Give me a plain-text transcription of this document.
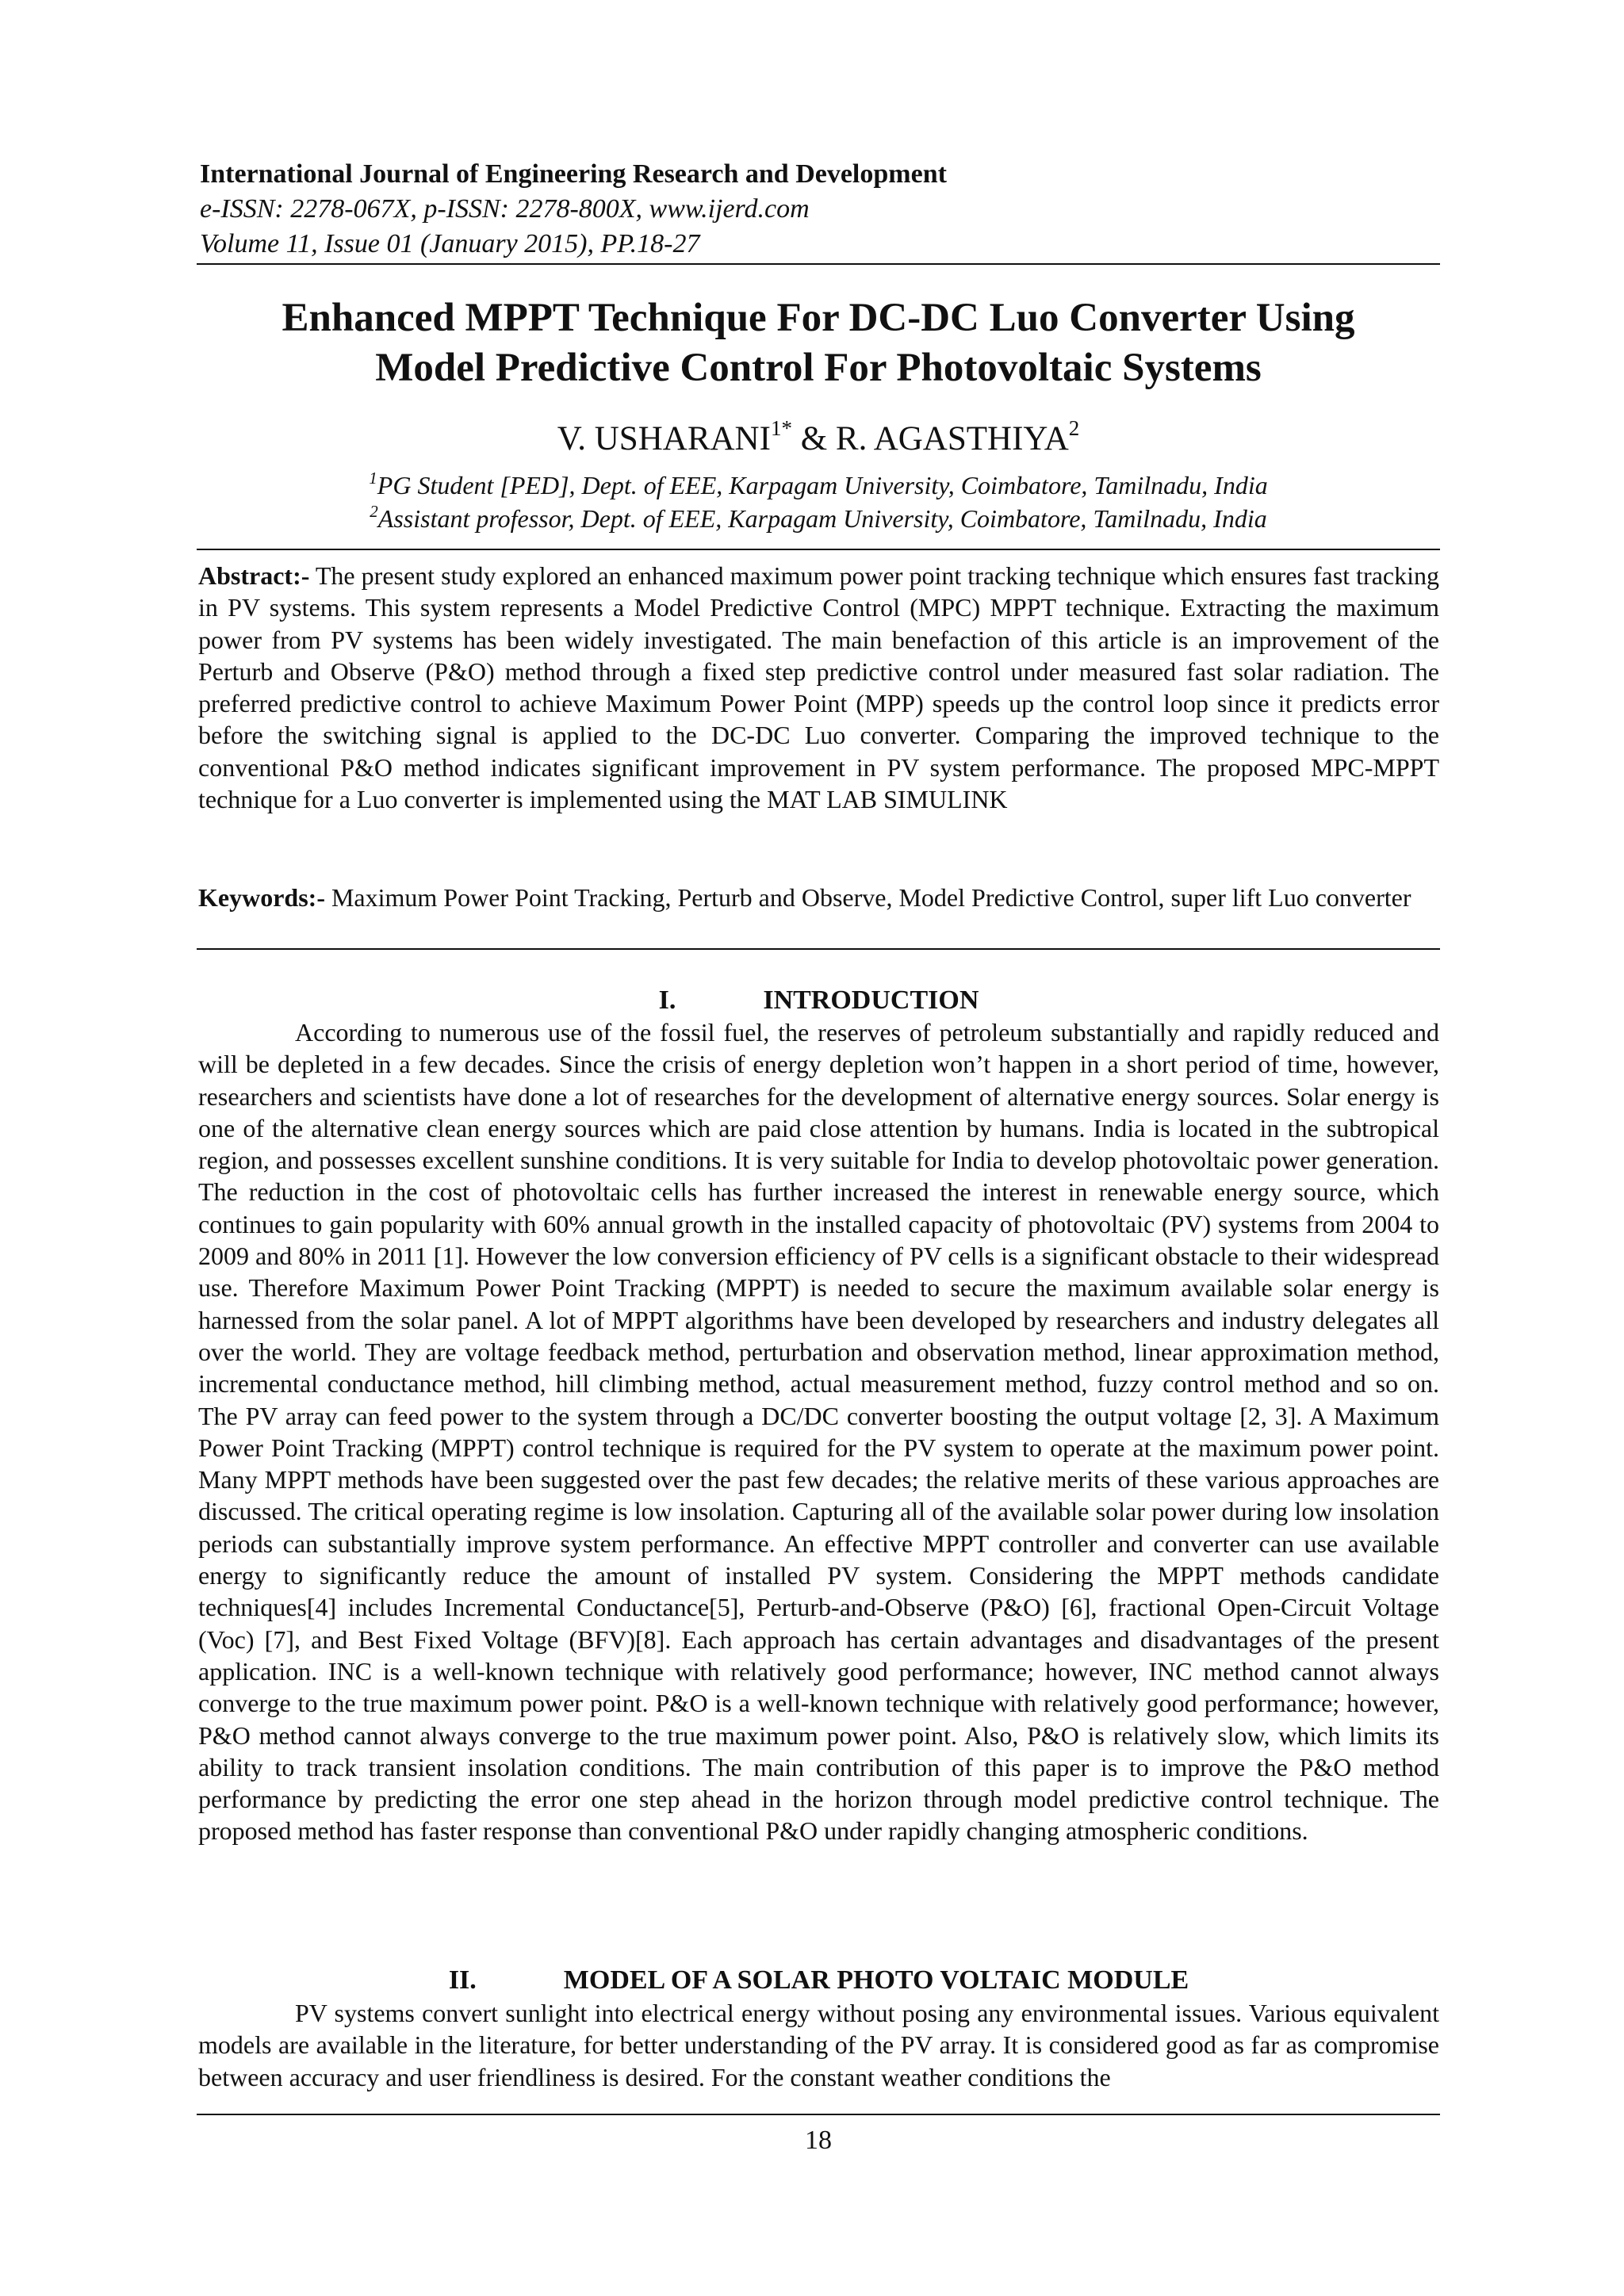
International Journal of Engineering Research and Development
e-ISSN: 2278-067X, p-ISSN: 2278-800X, www.ijerd.com
Volume 11, Issue 01 (January 2015), PP.18-27
Enhanced MPPT Technique For DC-DC Luo Converter Using
Model Predictive Control For Photovoltaic Systems
V. $USHARANI^{1*}$ & R. AGASTHIYA$^2$
$^1$PG Student [PED], Dept. of EEE, Karpagam University, Coimbatore, Tamilnadu, India
$^2$Assistant professor, Dept. of EEE, Karpagam University, Coimbatore, Tamilnadu, India
Abstract:- The present study explored an enhanced maximum power point tracking technique which ensures fast tracking in PV systems. This system represents a Model Predictive Control (MPC) MPPT technique. Extracting the maximum power from PV systems has been widely investigated. The main benefaction of this article is an improvement of the Perturb and Observe (P&O) method through a fixed step predictive control under measured fast solar radiation. The preferred predictive control to achieve Maximum Power Point (MPP) speeds up the control loop since it predicts error before the switching signal is applied to the DC-DC Luo converter. Comparing the improved technique to the conventional P&O method indicates significant improvement in PV system performance. The proposed MPC-MPPT technique for a Luo converter is implemented using the MAT LAB SIMULINK
Keywords:- Maximum Power Point Tracking, Perturb and Observe, Model Predictive Control, super lift Luo converter
I.	INTRODUCTION
According to numerous use of the fossil fuel, the reserves of petroleum substantially and rapidly reduced and will be depleted in a few decades. Since the crisis of energy depletion won’t happen in a short period of time, however, researchers and scientists have done a lot of researches for the development of alternative energy sources. Solar energy is one of the alternative clean energy sources which are paid close attention by humans. India is located in the subtropical region, and possesses excellent sunshine conditions. It is very suitable for India to develop photovoltaic power generation. The reduction in the cost of photovoltaic cells has further increased the interest in renewable energy source, which continues to gain popularity with 60% annual growth in the installed capacity of photovoltaic (PV) systems from 2004 to 2009 and 80% in 2011 [1]. However the low conversion efficiency of PV cells is a significant obstacle to their widespread use. Therefore Maximum Power Point Tracking (MPPT) is needed to secure the maximum available solar energy is harnessed from the solar panel. A lot of MPPT algorithms have been developed by researchers and industry delegates all over the world. They are voltage feedback method, perturbation and observation method, linear approximation method, incremental conductance method, hill climbing method, actual measurement method, fuzzy control method and so on. The PV array can feed power to the system through a DC/DC converter boosting the output voltage [2, 3]. A Maximum Power Point Tracking (MPPT) control technique is required for the PV system to operate at the maximum power point. Many MPPT methods have been suggested over the past few decades; the relative merits of these various approaches are discussed. The critical operating regime is low insolation. Capturing all of the available solar power during low insolation periods can substantially improve system performance. An effective MPPT controller and converter can use available energy to significantly reduce the amount of installed PV system. Considering the MPPT methods candidate techniques[4] includes Incremental Conductance[5], Perturb-and-Observe (P&O) [6], fractional Open-Circuit Voltage (Voc) [7], and Best Fixed Voltage (BFV)[8]. Each approach has certain advantages and disadvantages of the present application. INC is a well-known technique with relatively good performance; however, INC method cannot always converge to the true maximum power point. P&O is a well-known technique with relatively good performance; however, P&O method cannot always converge to the true maximum power point. Also, P&O is relatively slow, which limits its ability to track transient insolation conditions. The main contribution of this paper is to improve the P&O method performance by predicting the error one step ahead in the horizon through model predictive control technique. The proposed method has faster response than conventional P&O under rapidly changing atmospheric conditions.
II.	MODEL OF A SOLAR PHOTO VOLTAIC MODULE
PV systems convert sunlight into electrical energy without posing any environmental issues. Various equivalent models are available in the literature, for better understanding of the PV array. It is considered good as far as compromise between accuracy and user friendliness is desired. For the constant weather conditions the
18
